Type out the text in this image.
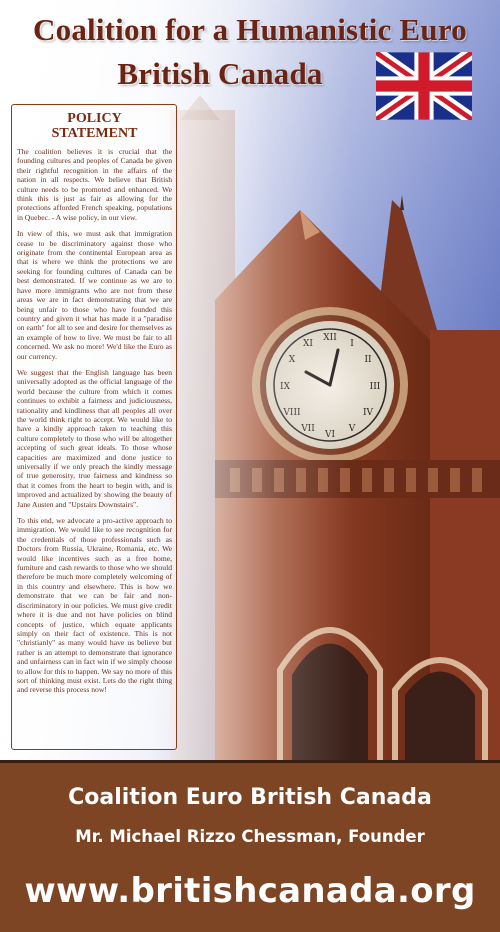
Coalition for a Humanistic Euro
British Canada
POLICY
STATEMENT

The coalition believes it is crucial that the founding cultures and peoples of Canada be given their rightful recognition in the affairs of the nation in all respects. We believe that British culture needs to be promoted and enhanced. We think this is just as fair as allowing for the protections afforded French speaking, populations in Quebec. - A wise policy, in our view.

In view of this, we must ask that immigration cease to be discriminatory against those who originate from the continental European area as that is where we think the protections we are seeking for founding cultures of Canada can be best demonstrated. If we continue as we are to have more immigrants who are not from these areas we are in fact demonstrating that we are being unfair to those who have founded this country and given it what has made it a "paradise on earth" for all to see and desire for themselves as an example of how to live. We must be fair to all concerned. We ask no more! We'd like the Euro as our currency.

We suggest that the English language has been universally adopted as the official language of the world because the culture from which it comes continues to exhibit a fairness and judiciousness, rationality and kindliness that all peoples all over the world think right to accept. We would like to have a kindly approach taken to teaching this culture completely to those who will be altogether accepting of such great ideals. To those whose capacities are maximized and done justice to universally if we only preach the kindly message of true generosity, true fairness and kindness so that it comes from the heart to begin with, and is improved and actualized by showing the beauty of Jane Austen and "Upstairs Downstairs".

To this end, we advocate a pro-active approach to immigration. We would like to see recognition for the credentials of those professionals such as Doctors from Russia, Ukraine, Romania, etc. We would like incentives such as a free home, furniture and cash rewards to those who we should therefore be much more completely welcoming of in this country and elsewhere. This is how we demonstrate that we can be fair and non-discriminatory in our policies. We must give credit where it is due and not have policies on blind concepts of justice, which equate applicants simply on their fact of existence. This is not "christianly" as many would have us believe but rather is an attempt to demonstrate that ignorance and unfairness can in fact win if we simply choose to allow for this to happen. We say no more of this sort of thinking must exist. Lets do the right thing and reverse this process now!

Coalition Euro British Canada
Mr. Michael Rizzo Chessman, Founder
www.britishcanada.org
